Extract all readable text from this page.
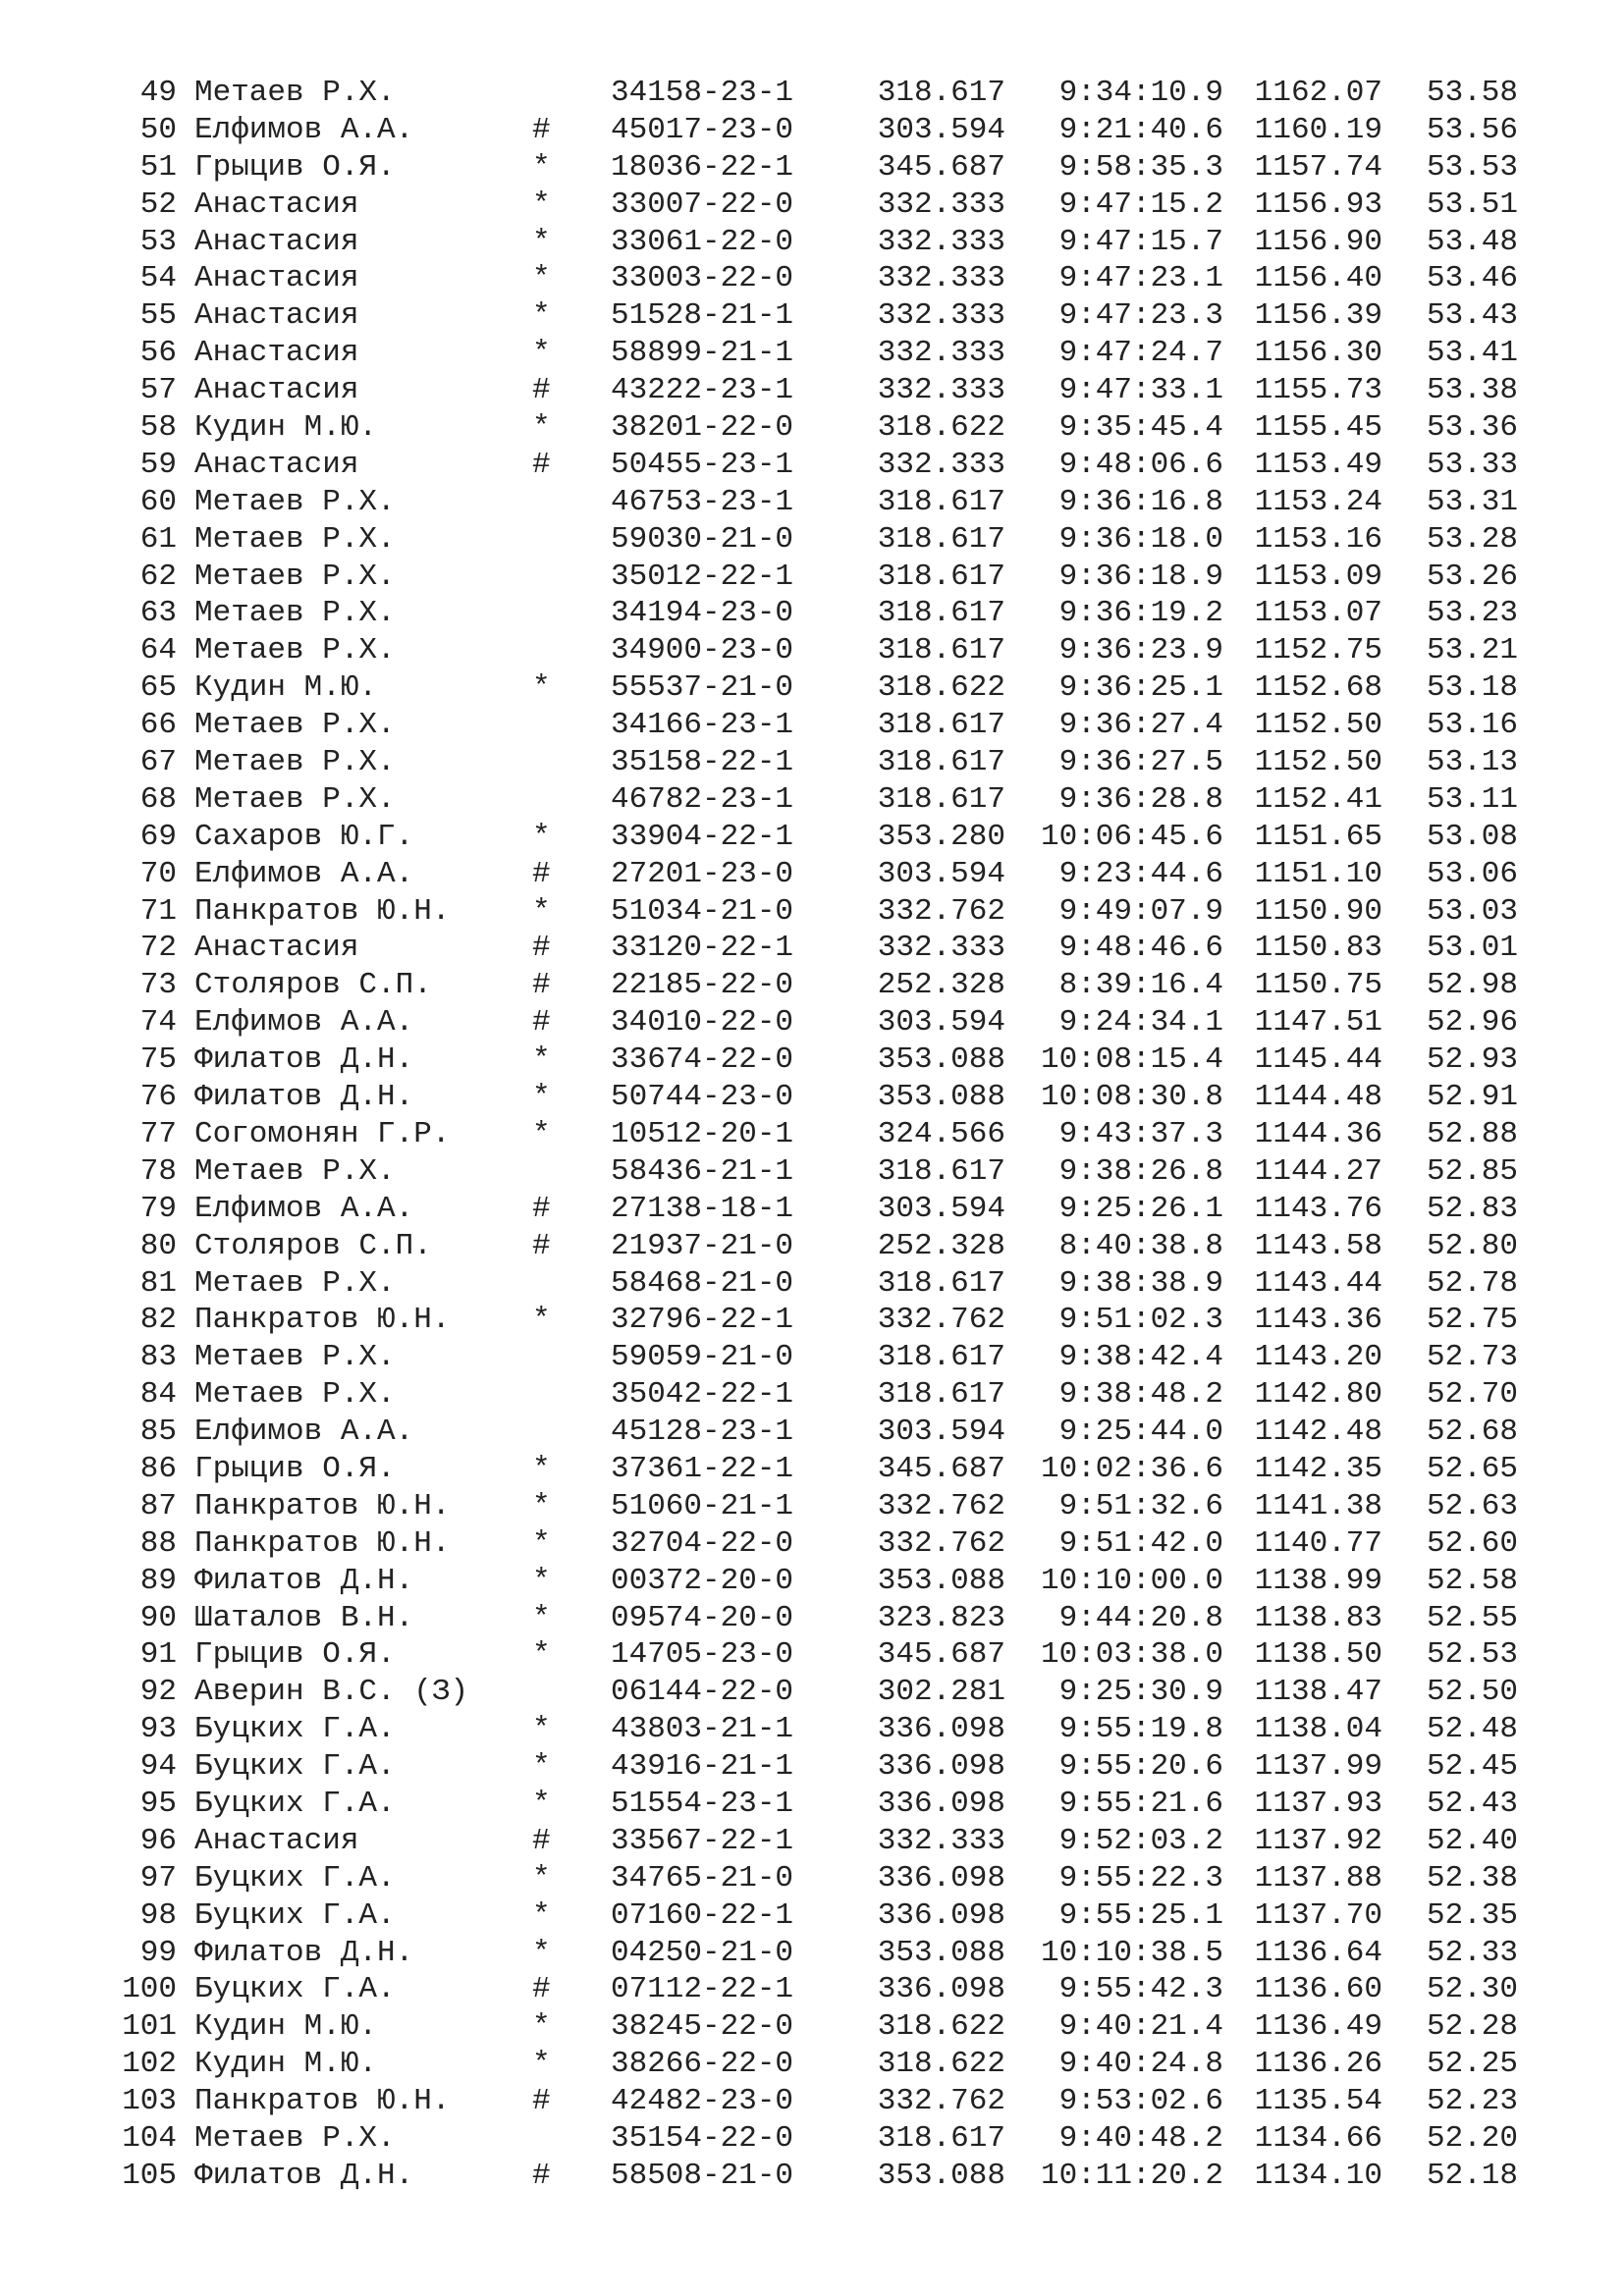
49 Метаев Р.Х.	34158-23-1	318.617 9:34:10.9 1162.07 53.58
50 Елфимов А.А.	# 45017-23-0	303.594 9:21:40.6 1160.19 53.56
51 Грыцив О.Я.	* 18036-22-1	345.687 9:58:35.3 1157.74 53.53
52 Анастасия	* 33007-22-0	332.333 9:47:15.2 1156.93 53.51
53 Анастасия	* 33061-22-0	332.333 9:47:15.7 1156.90 53.48
54 Анастасия	* 33003-22-0	332.333 9:47:23.1 1156.40 53.46
55 Анастасия	* 51528-21-1	332.333 9:47:23.3 1156.39 53.43
56 Анастасия	* 58899-21-1	332.333 9:47:24.7 1156.30 53.41
57 Анастасия	# 43222-23-1	332.333 9:47:33.1 1155.73 53.38
58 Кудин М.Ю.	* 38201-22-0	318.622 9:35:45.4 1155.45 53.36
59 Анастасия	# 50455-23-1	332.333 9:48:06.6 1153.49 53.33
60 Метаев Р.Х.	46753-23-1	318.617 9:36:16.8 1153.24 53.31
61 Метаев Р.Х.	59030-21-0	318.617 9:36:18.0 1153.16 53.28
62 Метаев Р.Х.	35012-22-1	318.617 9:36:18.9 1153.09 53.26
63 Метаев Р.Х.	34194-23-0	318.617 9:36:19.2 1153.07 53.23
64 Метаев Р.Х.	34900-23-0	318.617 9:36:23.9 1152.75 53.21
65 Кудин М.Ю.	* 55537-21-0	318.622 9:36:25.1 1152.68 53.18
66 Метаев Р.Х.	34166-23-1	318.617 9:36:27.4 1152.50 53.16
67 Метаев Р.Х.	35158-22-1	318.617 9:36:27.5 1152.50 53.13
68 Метаев Р.Х.	46782-23-1	318.617 9:36:28.8 1152.41 53.11
69 Сахаров Ю.Г.	* 33904-22-1	353.280 10:06:45.6 1151.65 53.08
70 Елфимов А.А.	# 27201-23-0	303.594 9:23:44.6 1151.10 53.06
71 Панкратов Ю.Н.	* 51034-21-0	332.762 9:49:07.9 1150.90 53.03
72 Анастасия	# 33120-22-1	332.333 9:48:46.6 1150.83 53.01
73 Столяров С.П.	# 22185-22-0	252.328 8:39:16.4 1150.75 52.98
74 Елфимов А.А.	# 34010-22-0	303.594 9:24:34.1 1147.51 52.96
75 Филатов Д.Н.	* 33674-22-0	353.088 10:08:15.4 1145.44 52.93
76 Филатов Д.Н.	* 50744-23-0	353.088 10:08:30.8 1144.48 52.91
77 Согомонян Г.Р.	* 10512-20-1	324.566 9:43:37.3 1144.36 52.88
78 Метаев Р.Х.	58436-21-1	318.617 9:38:26.8 1144.27 52.85
79 Елфимов А.А.	# 27138-18-1	303.594 9:25:26.1 1143.76 52.83
80 Столяров С.П.	# 21937-21-0	252.328 8:40:38.8 1143.58 52.80
81 Метаев Р.Х.	58468-21-0	318.617 9:38:38.9 1143.44 52.78
82 Панкратов Ю.Н.	* 32796-22-1	332.762 9:51:02.3 1143.36 52.75
83 Метаев Р.Х.	59059-21-0	318.617 9:38:42.4 1143.20 52.73
84 Метаев Р.Х.	35042-22-1	318.617 9:38:48.2 1142.80 52.70
85 Елфимов А.А.	45128-23-1	303.594 9:25:44.0 1142.48 52.68
86 Грыцив О.Я.	* 37361-22-1	345.687 10:02:36.6 1142.35 52.65
87 Панкратов Ю.Н.	* 51060-21-1	332.762 9:51:32.6 1141.38 52.63
88 Панкратов Ю.Н.	* 32704-22-0	332.762 9:51:42.0 1140.77 52.60
89 Филатов Д.Н.	* 00372-20-0	353.088 10:10:00.0 1138.99 52.58
90 Шаталов В.Н.	* 09574-20-0	323.823 9:44:20.8 1138.83 52.55
91 Грыцив О.Я.	* 14705-23-0	345.687 10:03:38.0 1138.50 52.53
92 Аверин В.С. (З)	06144-22-0	302.281 9:25:30.9 1138.47 52.50
93 Буцких Г.А.	* 43803-21-1	336.098 9:55:19.8 1138.04 52.48
94 Буцких Г.А.	* 43916-21-1	336.098 9:55:20.6 1137.99 52.45
95 Буцких Г.А.	* 51554-23-1	336.098 9:55:21.6 1137.93 52.43
96 Анастасия	# 33567-22-1	332.333 9:52:03.2 1137.92 52.40
97 Буцких Г.А.	* 34765-21-0	336.098 9:55:22.3 1137.88 52.38
98 Буцких Г.А.	* 07160-22-1	336.098 9:55:25.1 1137.70 52.35
99 Филатов Д.Н.	* 04250-21-0	353.088 10:10:38.5 1136.64 52.33
100 Буцких Г.А.	# 07112-22-1	336.098 9:55:42.3 1136.60 52.30
101 Кудин М.Ю.	* 38245-22-0	318.622 9:40:21.4 1136.49 52.28
102 Кудин М.Ю.	* 38266-22-0	318.622 9:40:24.8 1136.26 52.25
103 Панкратов Ю.Н.	# 42482-23-0	332.762 9:53:02.6 1135.54 52.23
104 Метаев Р.Х.	35154-22-0	318.617 9:40:48.2 1134.66 52.20
105 Филатов Д.Н.	# 58508-21-0	353.088 10:11:20.2 1134.10 52.18
